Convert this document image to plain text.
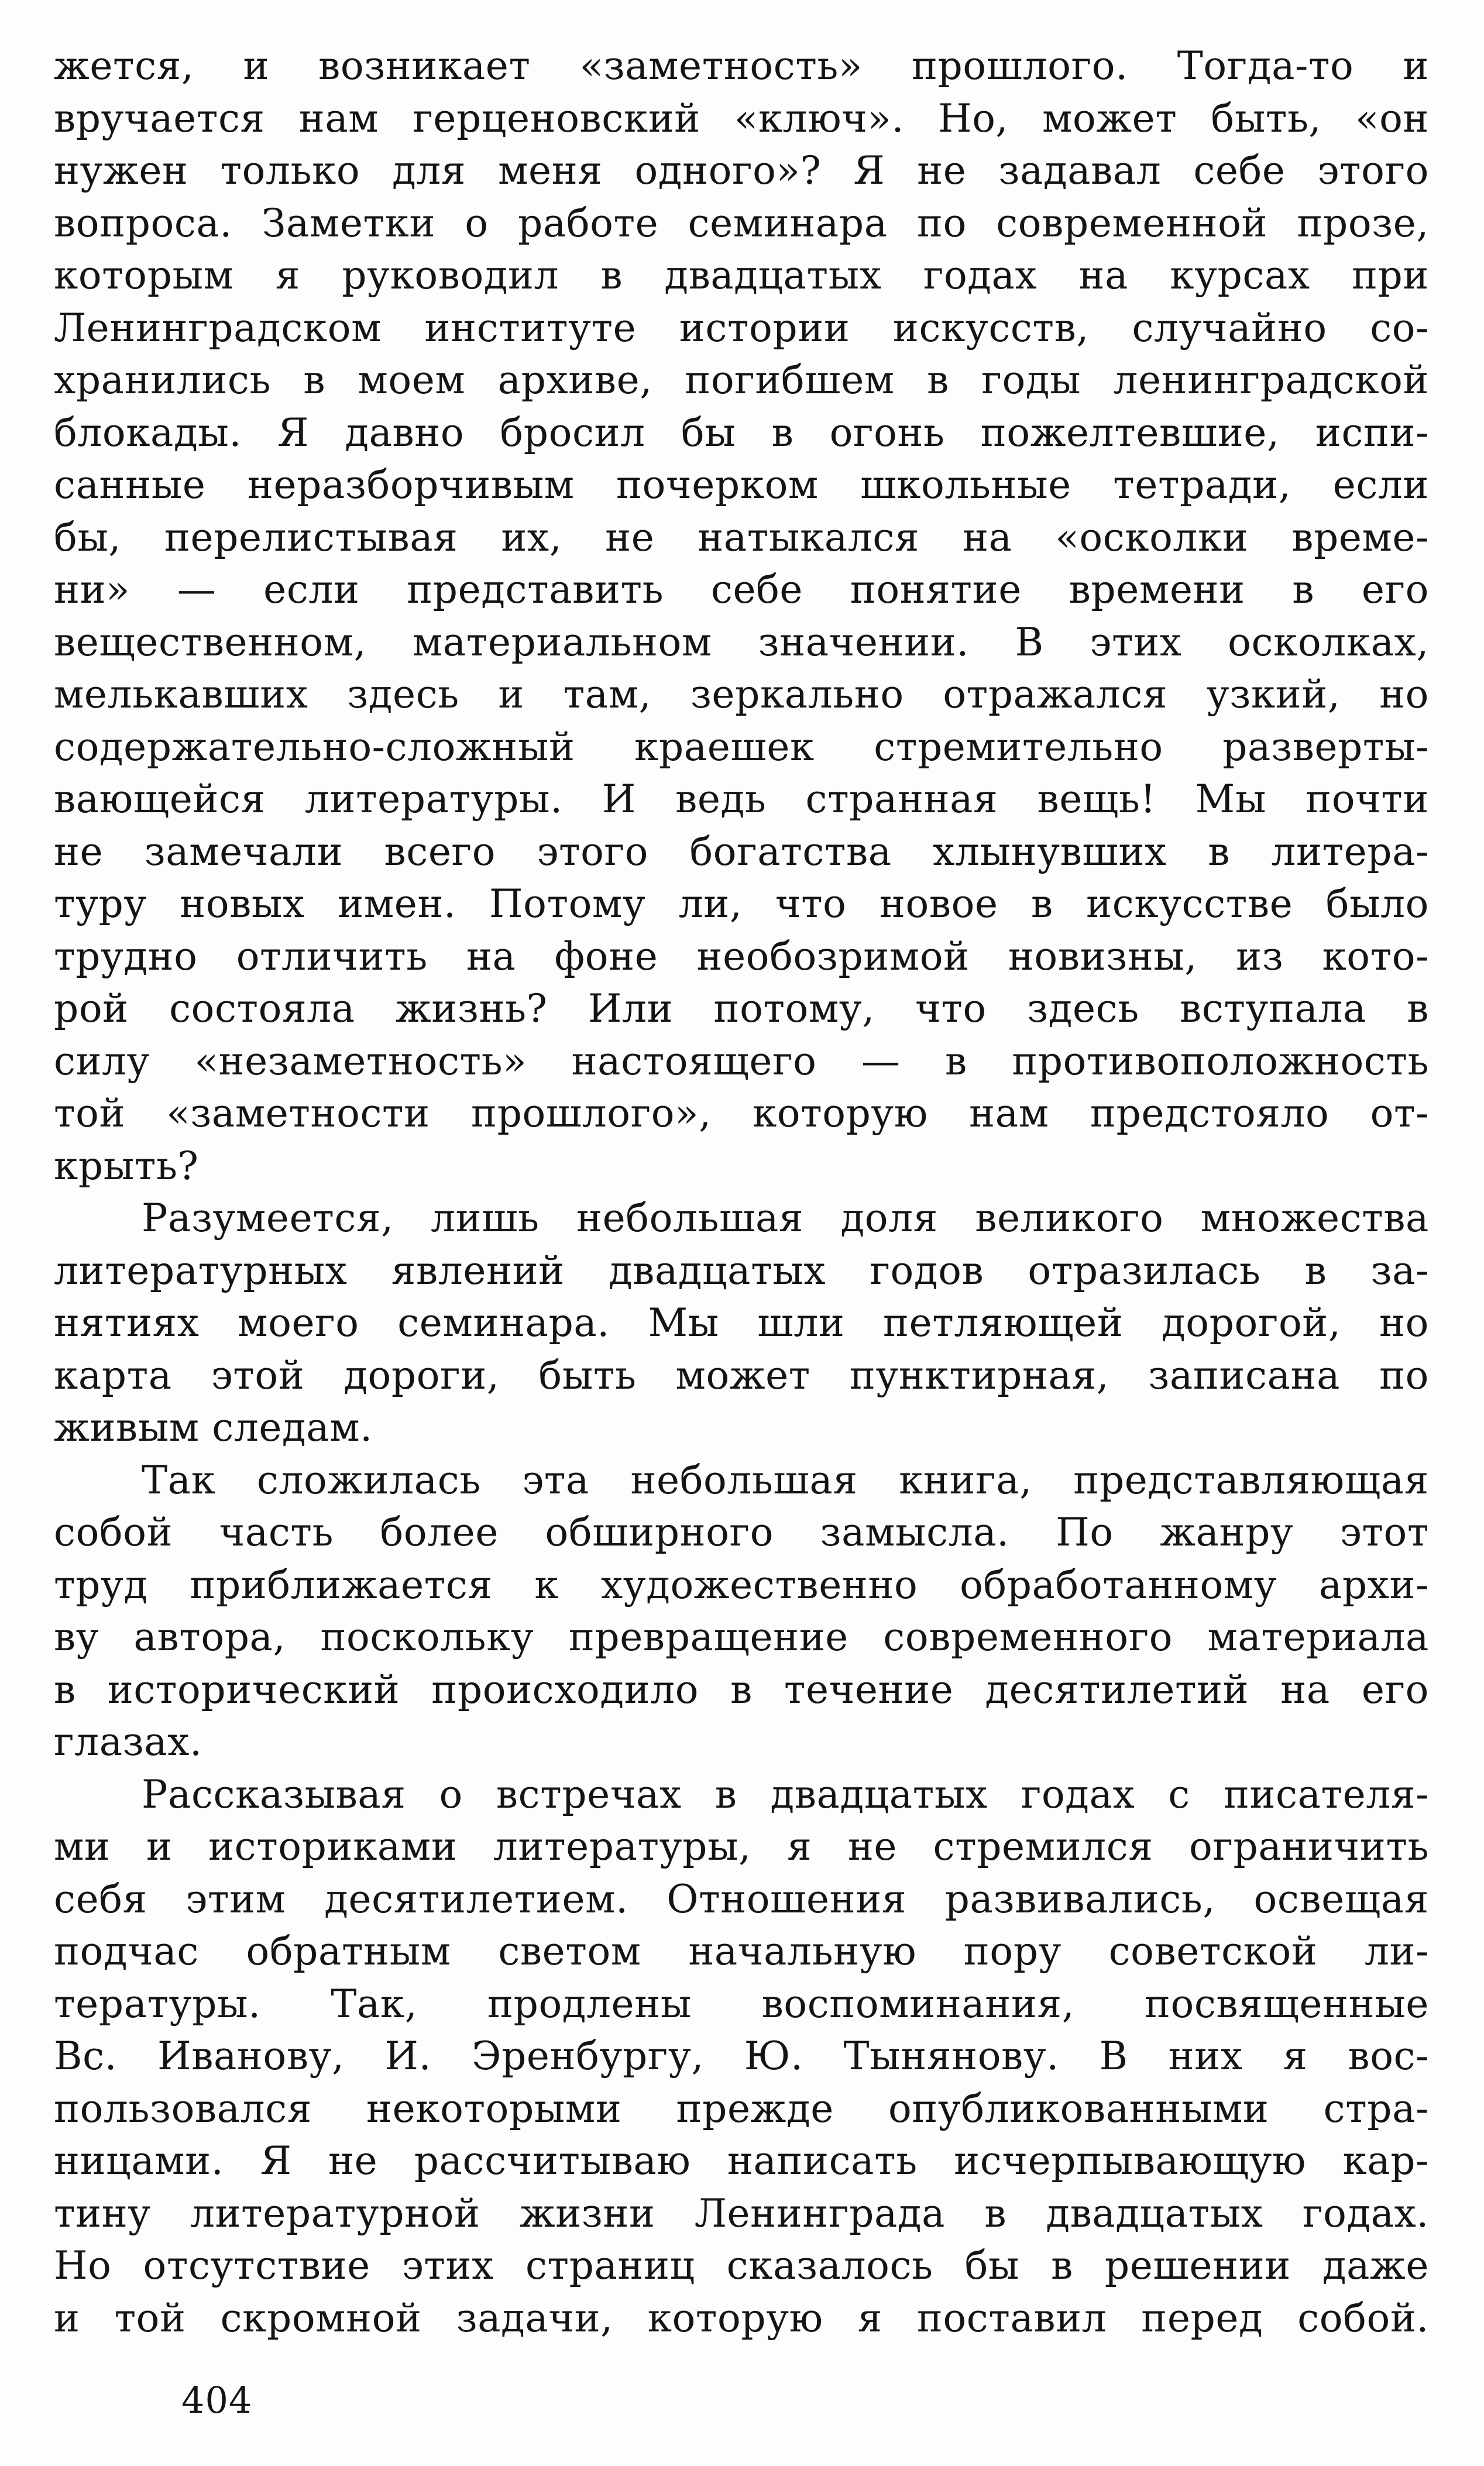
жется, и возникает «заметность» прошлого. Тогда-то и
вручается нам герценовский «ключ». Но, может быть, «он
нужен только для меня одного»? Я не задавал себе этого
вопроса. Заметки о работе семинара по современной прозе,
которым я руководил в двадцатых годах на курсах при
Ленинградском институте истории искусств, случайно со-
хранились в моем архиве, погибшем в годы ленинградской
блокады. Я давно бросил бы в огонь пожелтевшие, испи-
санные неразборчивым почерком школьные тетради, если
бы, перелистывая их, не натыкался на «осколки време-
ни» — если представить себе понятие времени в его
вещественном, материальном значении. В этих осколках,
мелькавших здесь и там, зеркально отражался узкий, но
содержательно-сложный краешек стремительно разверты-
вающейся литературы. И ведь странная вещь! Мы почти
не замечали всего этого богатства хлынувших в литера-
туру новых имен. Потому ли, что новое в искусстве было
трудно отличить на фоне необозримой новизны, из кото-
рой состояла жизнь? Или потому, что здесь вступала в
силу «незаметность» настоящего — в противоположность
той «заметности прошлого», которую нам предстояло от-
крыть?
Разумеется, лишь небольшая доля великого множества
литературных явлений двадцатых годов отразилась в за-
нятиях моего семинара. Мы шли петляющей дорогой, но
карта этой дороги, быть может пунктирная, записана по
живым следам.
Так сложилась эта небольшая книга, представляющая
собой часть более обширного замысла. По жанру этот
труд приближается к художественно обработанному архи-
ву автора, поскольку превращение современного материала
в исторический происходило в течение десятилетий на его
глазах.
Рассказывая о встречах в двадцатых годах с писателя-
ми и историками литературы, я не стремился ограничить
себя этим десятилетием. Отношения развивались, освещая
подчас обратным светом начальную пору советской ли-
тературы. Так, продлены воспоминания, посвященные
Вс. Иванову, И. Эренбургу, Ю. Тынянову. В них я вос-
пользовался некоторыми прежде опубликованными стра-
ницами. Я не рассчитываю написать исчерпывающую кар-
тину литературной жизни Ленинграда в двадцатых годах.
Но отсутствие этих страниц сказалось бы в решении даже
и той скромной задачи, которую я поставил перед собой.
404
